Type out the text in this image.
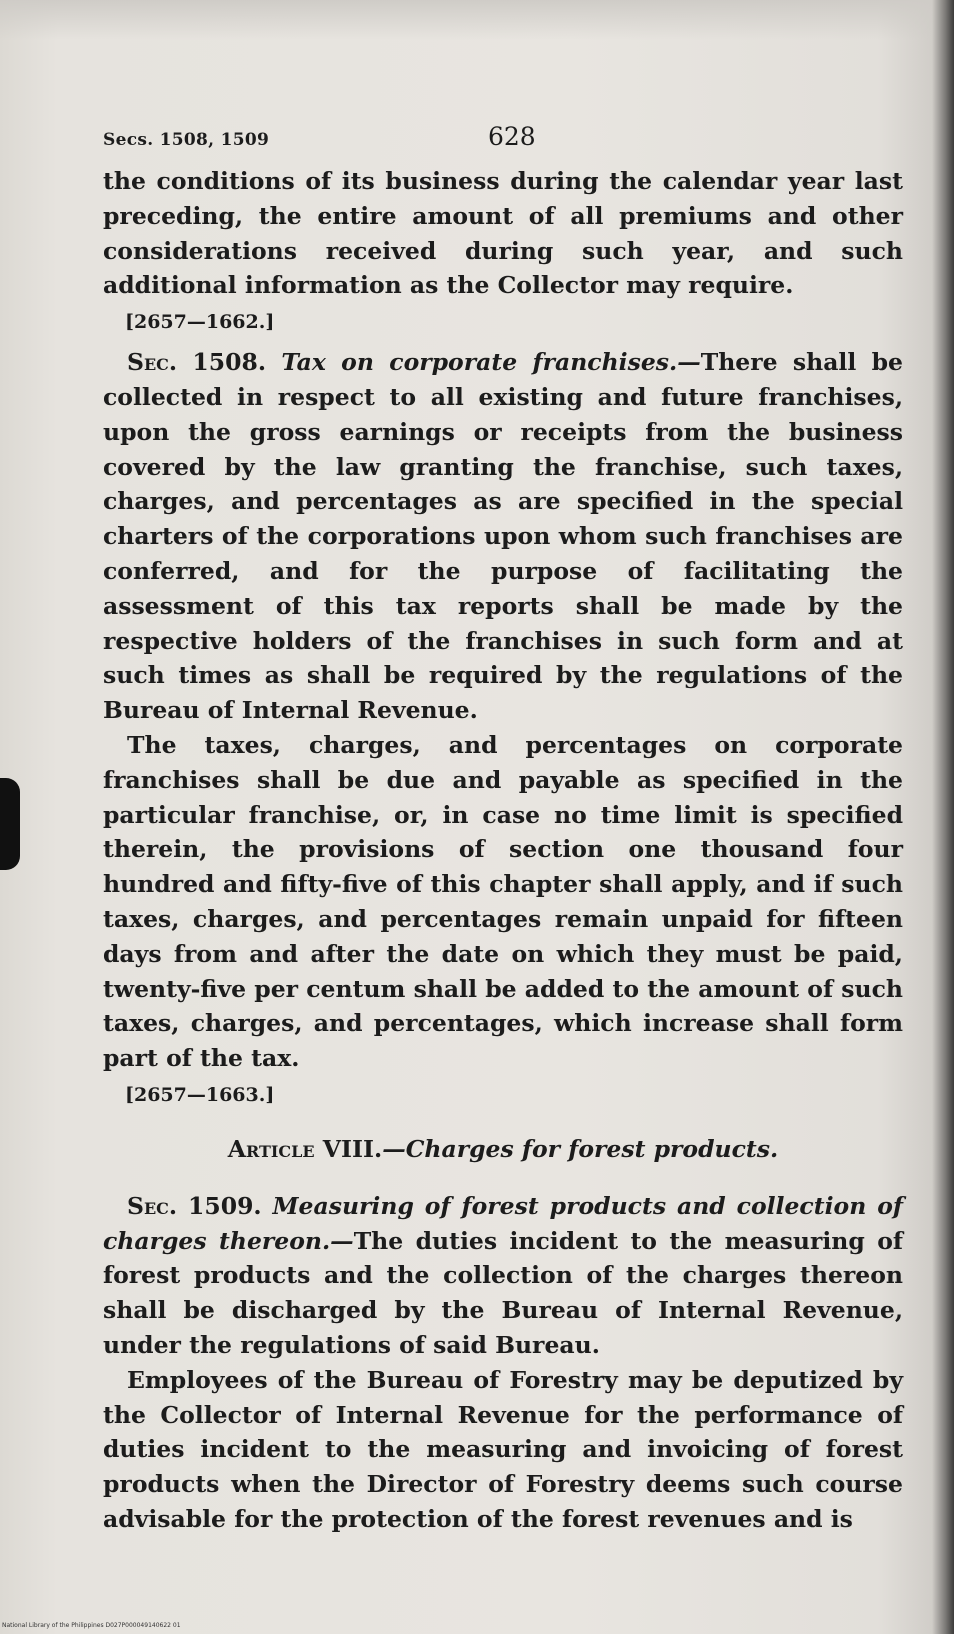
Secs. 1508, 1509	628

the conditions of its business during the calendar year last preceding, the entire amount of all premiums and other considerations received during such year, and such additional information as the Collector may require.

[2657—1662.]

Sec. 1508. Tax on corporate franchises.—There shall be collected in respect to all existing and future franchises, upon the gross earnings or receipts from the business covered by the law granting the franchise, such taxes, charges, and percentages as are specified in the special charters of the corporations upon whom such franchises are conferred, and for the purpose of facilitating the assessment of this tax reports shall be made by the respective holders of the franchises in such form and at such times as shall be required by the regulations of the Bureau of Internal Revenue.

The taxes, charges, and percentages on corporate franchises shall be due and payable as specified in the particular franchise, or, in case no time limit is specified therein, the provisions of section one thousand four hundred and fifty-five of this chapter shall apply, and if such taxes, charges, and percentages remain unpaid for fifteen days from and after the date on which they must be paid, twenty-five per centum shall be added to the amount of such taxes, charges, and percentages, which increase shall form part of the tax.

[2657—1663.]
Article VIII.—Charges for forest products.

Sec. 1509. Measuring of forest products and collection of charges thereon.—The duties incident to the measuring of forest products and the collection of the charges thereon shall be discharged by the Bureau of Internal Revenue, under the regulations of said Bureau.

Employees of the Bureau of Forestry may be deputized by the Collector of Internal Revenue for the performance of duties incident to the measuring and invoicing of forest products when the Director of Forestry deems such course advisable for the protection of the forest revenues and is

National Library of the Philippines D027P000049140622 01
